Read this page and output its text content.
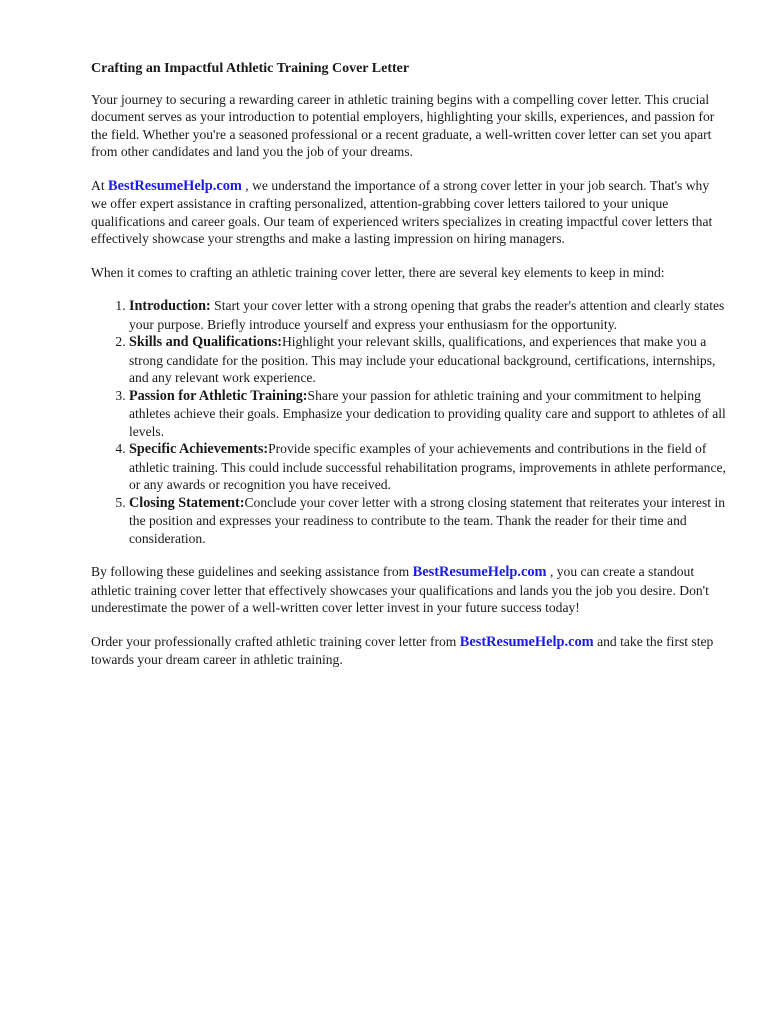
Crafting an Impactful Athletic Training Cover Letter

Your journey to securing a rewarding career in athletic training begins with a compelling cover letter. This crucial document serves as your introduction to potential employers, highlighting your skills, experiences, and passion for the field. Whether you're a seasoned professional or a recent graduate, a well-written cover letter can set you apart from other candidates and land you the job of your dreams.

At BestResumeHelp.com , we understand the importance of a strong cover letter in your job search. That's why we offer expert assistance in crafting personalized, attention-grabbing cover letters tailored to your unique qualifications and career goals. Our team of experienced writers specializes in creating impactful cover letters that effectively showcase your strengths and make a lasting impression on hiring managers.

When it comes to crafting an athletic training cover letter, there are several key elements to keep in mind:

1. Introduction: Start your cover letter with a strong opening that grabs the reader's attention and clearly states your purpose. Briefly introduce yourself and express your enthusiasm for the opportunity.
2. Skills and Qualifications:Highlight your relevant skills, qualifications, and experiences that make you a strong candidate for the position. This may include your educational background, certifications, internships, and any relevant work experience.
3. Passion for Athletic Training:Share your passion for athletic training and your commitment to helping athletes achieve their goals. Emphasize your dedication to providing quality care and support to athletes of all levels.
4. Specific Achievements:Provide specific examples of your achievements and contributions in the field of athletic training. This could include successful rehabilitation programs, improvements in athlete performance, or any awards or recognition you have received.
5. Closing Statement:Conclude your cover letter with a strong closing statement that reiterates your interest in the position and expresses your readiness to contribute to the team. Thank the reader for their time and consideration.

By following these guidelines and seeking assistance from BestResumeHelp.com , you can create a standout athletic training cover letter that effectively showcases your qualifications and lands you the job you desire. Don't underestimate the power of a well-written cover letter invest in your future success today!

Order your professionally crafted athletic training cover letter from BestResumeHelp.com and take the first step towards your dream career in athletic training.
